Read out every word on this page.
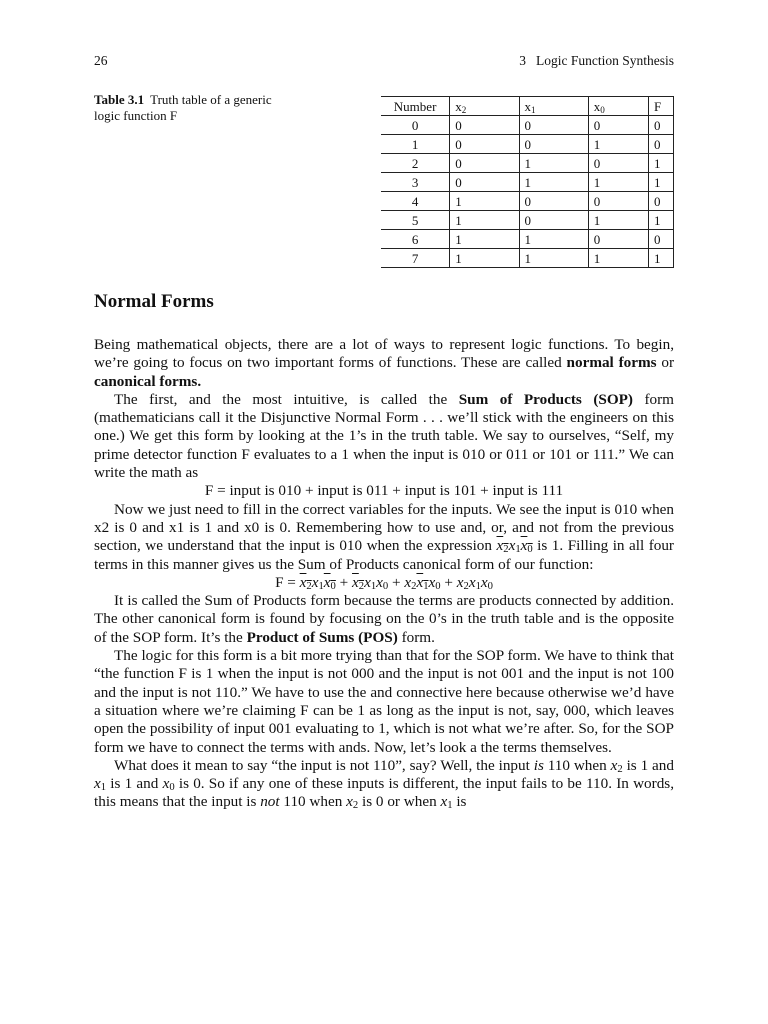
26	3 Logic Function Synthesis
Table 3.1 Truth table of a generic logic function F
Number	$x_2$	$x_1$	$x_0$	F
0	0	0	0	0
1	0	0	1	0
2	0	1	0	1
3	0	1	1	1
4	1	0	0	0
5	1	0	1	1
6	1	1	0	0
7	1	1	1	1
Normal Forms

Being mathematical objects, there are a lot of ways to represent logic functions. To begin, we’re going to focus on two important forms of functions. These are called normal forms or canonical forms.

The first, and the most intuitive, is called the Sum of Products (SOP) form (mathematicians call it the Disjunctive Normal Form . . . we’ll stick with the engineers on this one.) We get this form by looking at the 1’s in the truth table. We say to ourselves, “Self, my prime detector function F evaluates to a 1 when the input is 010 or 011 or 101 or 111.” We can write the math as

F = input is 010 + input is 011 + input is 101 + input is 111

Now we just need to fill in the correct variables for the inputs. We see the input is 010 when x2 is 0 and x1 is 1 and x0 is 0. Remembering how to use and, or, and not from the previous section, we understand that the input is 010 when the expression $\overline{x}_2x_1\overline{x}_0$ is 1. Filling in all four terms in this manner gives us the Sum of Products canonical form of our function:

$F = \overline{x}_2x_1\overline{x}_0 + \overline{x}_2x_1x_0 + x_2\overline{x}_1x_0 + x_2x_1x_0$

It is called the Sum of Products form because the terms are products connected by addition. The other canonical form is found by focusing on the 0’s in the truth table and is the opposite of the SOP form. It’s the Product of Sums (POS) form.

The logic for this form is a bit more trying than that for the SOP form. We have to think that “the function F is 1 when the input is not 000 and the input is not 001 and the input is not 100 and the input is not 110.” We have to use the and connective here because otherwise we’d have a situation where we’re claiming F can be 1 as long as the input is not, say, 000, which leaves open the possibility of input 001 evaluating to 1, which is not what we’re after. So, for the SOP form we have to connect the terms with ands. Now, let’s look a the terms themselves.

What does it mean to say “the input is not 110”, say? Well, the input is 110 when $x_2$ is 1 and $x_1$ is 1 and $x_0$ is 0. So if any one of these inputs is different, the input fails to be 110. In words, this means that the input is not 110 when $x_2$ is 0 or when $x_1$ is
